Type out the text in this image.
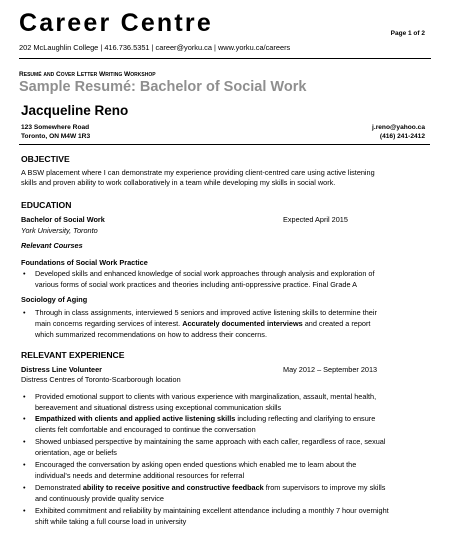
Career Centre	Page 1 of 2
202 McLaughlin College | 416.736.5351 | career@yorku.ca | www.yorku.ca/careers
Resumé and Cover Letter Writing Workshop
Sample Resumé: Bachelor of Social Work
Jacqueline Reno
123 Somewhere Road
Toronto, ON M4W 1R3
j.reno@yahoo.ca
(416) 241-2412
OBJECTIVE
A BSW placement where I can demonstrate my experience providing client-centred care using active listening
skills and proven ability to work collaboratively in a team while developing my skills in social work.
EDUCATION
Bachelor of Social Work	Expected April 2015
York University, Toronto
Relevant Courses
Foundations of Social Work Practice
• Developed skills and enhanced knowledge of social work approaches through analysis and exploration of
various forms of social work practices and theories including anti-oppressive practice. Final Grade A
Sociology of Aging
• Through in class assignments, interviewed 5 seniors and improved active listening skills to determine their
main concerns regarding services of interest. Accurately documented interviews and created a report
which summarized recommendations on how to address their concerns.
RELEVANT EXPERIENCE
Distress Line Volunteer	May 2012 – September 2013
Distress Centres of Toronto-Scarborough location
• Provided emotional support to clients with various experience with marginalization, assault, mental health,
bereavement and situational distress using exceptional communication skills
• Empathized with clients and applied active listening skills including reflecting and clarifying to ensure
clients felt comfortable and encouraged to continue the conversation
• Showed unbiased perspective by maintaining the same approach with each caller, regardless of race, sexual
orientation, age or beliefs
• Encouraged the conversation by asking open ended questions which enabled me to learn about the
individual's needs and determine additional resources for referral
• Demonstrated ability to receive positive and constructive feedback from supervisors to improve my skills
and continuously provide quality service
• Exhibited commitment and reliability by maintaining excellent attendance including a monthly 7 hour overnight
shift while taking a full course load in university
